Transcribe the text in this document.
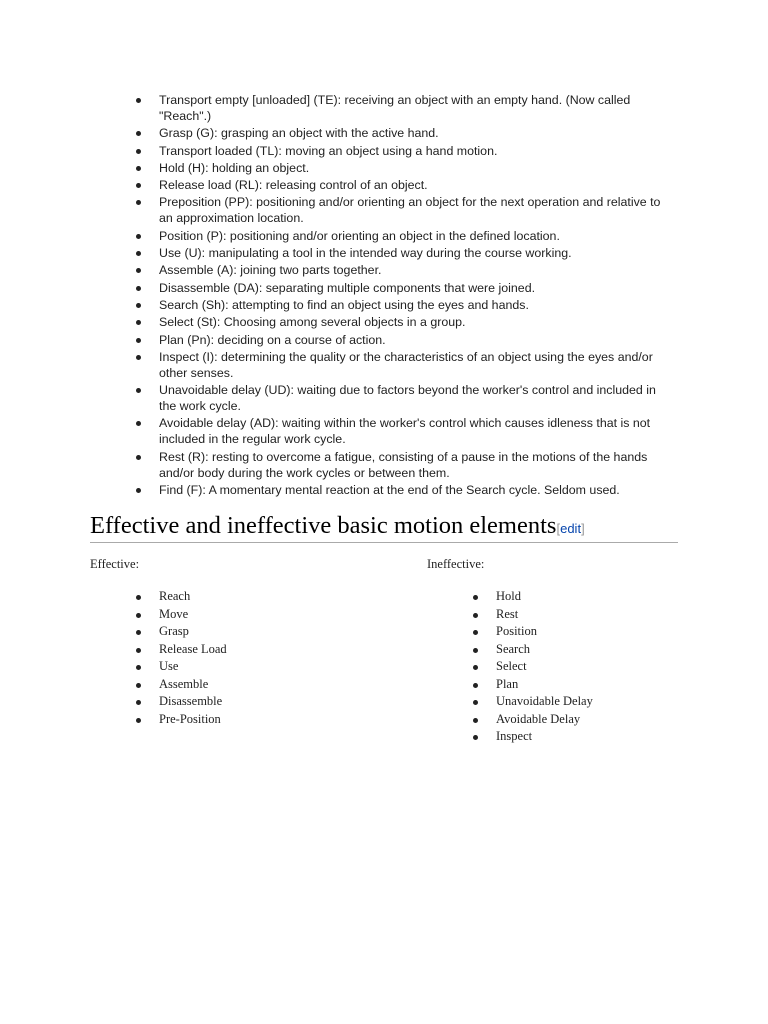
Transport empty [unloaded] (TE): receiving an object with an empty hand. (Now called "Reach".)
Grasp (G): grasping an object with the active hand.
Transport loaded (TL): moving an object using a hand motion.
Hold (H): holding an object.
Release load (RL): releasing control of an object.
Preposition (PP): positioning and/or orienting an object for the next operation and relative to an approximation location.
Position (P): positioning and/or orienting an object in the defined location.
Use (U): manipulating a tool in the intended way during the course working.
Assemble (A): joining two parts together.
Disassemble (DA): separating multiple components that were joined.
Search (Sh): attempting to find an object using the eyes and hands.
Select (St): Choosing among several objects in a group.
Plan (Pn): deciding on a course of action.
Inspect (I): determining the quality or the characteristics of an object using the eyes and/or other senses.
Unavoidable delay (UD): waiting due to factors beyond the worker's control and included in the work cycle.
Avoidable delay (AD): waiting within the worker's control which causes idleness that is not included in the regular work cycle.
Rest (R): resting to overcome a fatigue, consisting of a pause in the motions of the hands and/or body during the work cycles or between them.
Find (F): A momentary mental reaction at the end of the Search cycle. Seldom used.
Effective and ineffective basic motion elements[edit]
Effective:
Reach
Move
Grasp
Release Load
Use
Assemble
Disassemble
Pre-Position
Ineffective:
Hold
Rest
Position
Search
Select
Plan
Unavoidable Delay
Avoidable Delay
Inspect
